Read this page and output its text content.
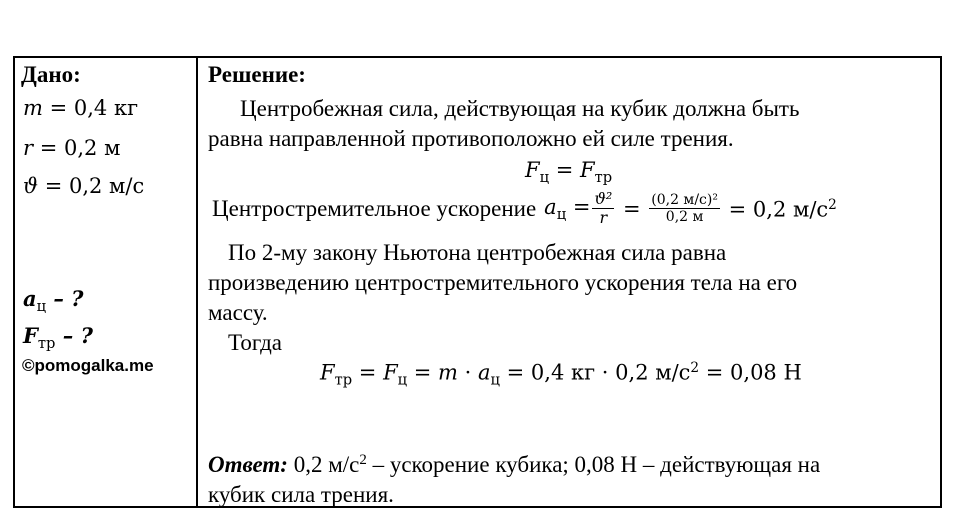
Дано:
m = 0,4 кг
r = 0,2 м
ϑ = 0,2 м/с
$a_ц$ – ?
$F_{тр}$ – ?
©pomogalka.me
Решение:
Центробежная сила, действующая на кубик должна быть
равна направленной противоположно ей силе трения.
$F_ц = F_{тр}$
Центростремительное ускорение $a_ц = \frac{\text{ϑ²}}{r} = \frac{\text{(0,2 м/с)²}}{0,2 м} = 0,2$ $м/с^2$
По 2-му закону Ньютона центробежная сила равна
произведению центростремительного ускорения тела на его
массу.
Тогда
$F_{тр} = F_ц = m \cdot a_ц = 0,4$ кг · 0,2 $м/с^2 = 0,08$ Н
Ответ: 0,2 $м/с^2$ – ускорение кубика; 0,08 Н – действующая на
кубик сила трения.
